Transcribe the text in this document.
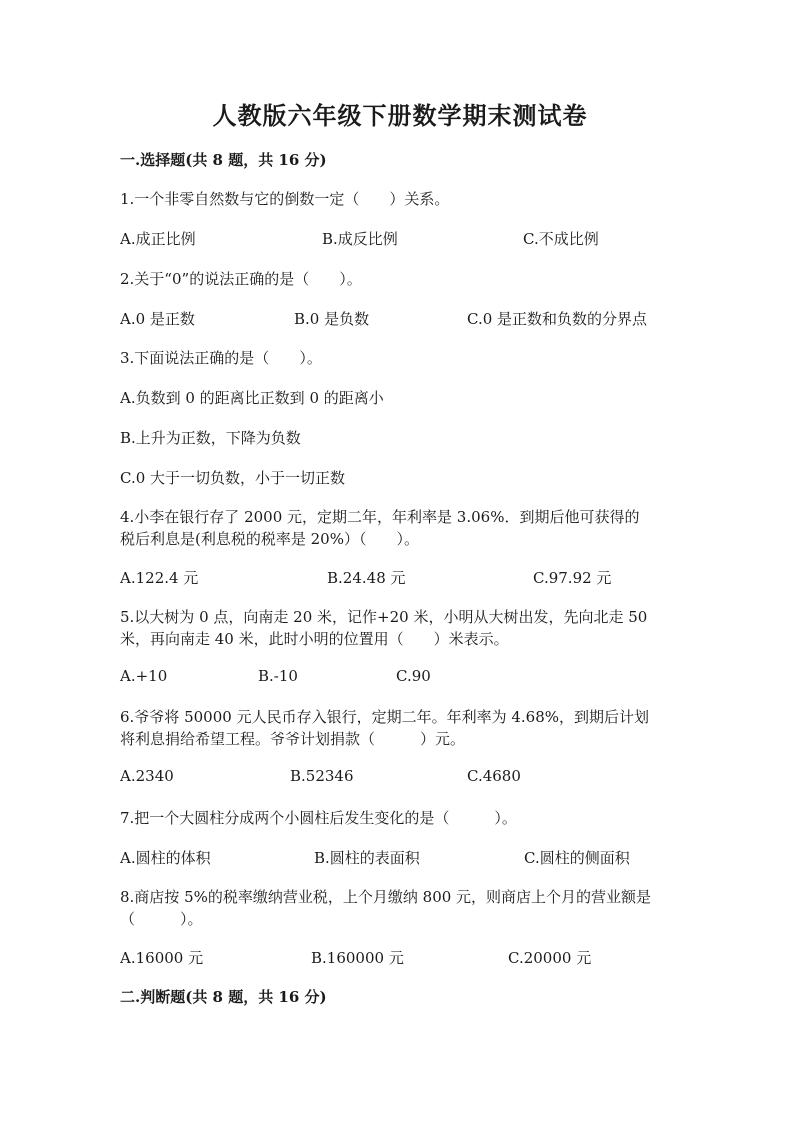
人教版六年级下册数学期末测试卷
一.选择题(共 8 题，共 16 分)
1.一个非零自然数与它的倒数一定（　　）关系。
A.成正比例	B.成反比例	C.不成比例
2.关于“0”的说法正确的是（　　）。
A.0 是正数	B.0 是负数	C.0 是正数和负数的分界点
3.下面说法正确的是（　　）。
A.负数到 0 的距离比正数到 0 的距离小
B.上升为正数，下降为负数
C.0 大于一切负数，小于一切正数
4.小李在银行存了 2000 元，定期二年，年利率是 3.06%．到期后他可获得的
税后利息是(利息税的税率是 20%）（　　）。
A.122.4 元	B.24.48 元	C.97.92 元
5.以大树为 0 点，向南走 20 米，记作+20 米，小明从大树出发，先向北走 50
米，再向南走 40 米，此时小明的位置用（　　）米表示。
A.+10	B.-10	C.90
6.爷爷将 50000 元人民币存入银行，定期二年。年利率为 4.68%，到期后计划
将利息捐给希望工程。爷爷计划捐款（　　　）元。
A.2340	B.52346	C.4680
7.把一个大圆柱分成两个小圆柱后发生变化的是（　　　）。
A.圆柱的体积	B.圆柱的表面积	C.圆柱的侧面积
8.商店按 5%的税率缴纳营业税，上个月缴纳 800 元，则商店上个月的营业额是
（　　　）。
A.16000 元	B.160000 元	C.20000 元
二.判断题(共 8 题，共 16 分)
